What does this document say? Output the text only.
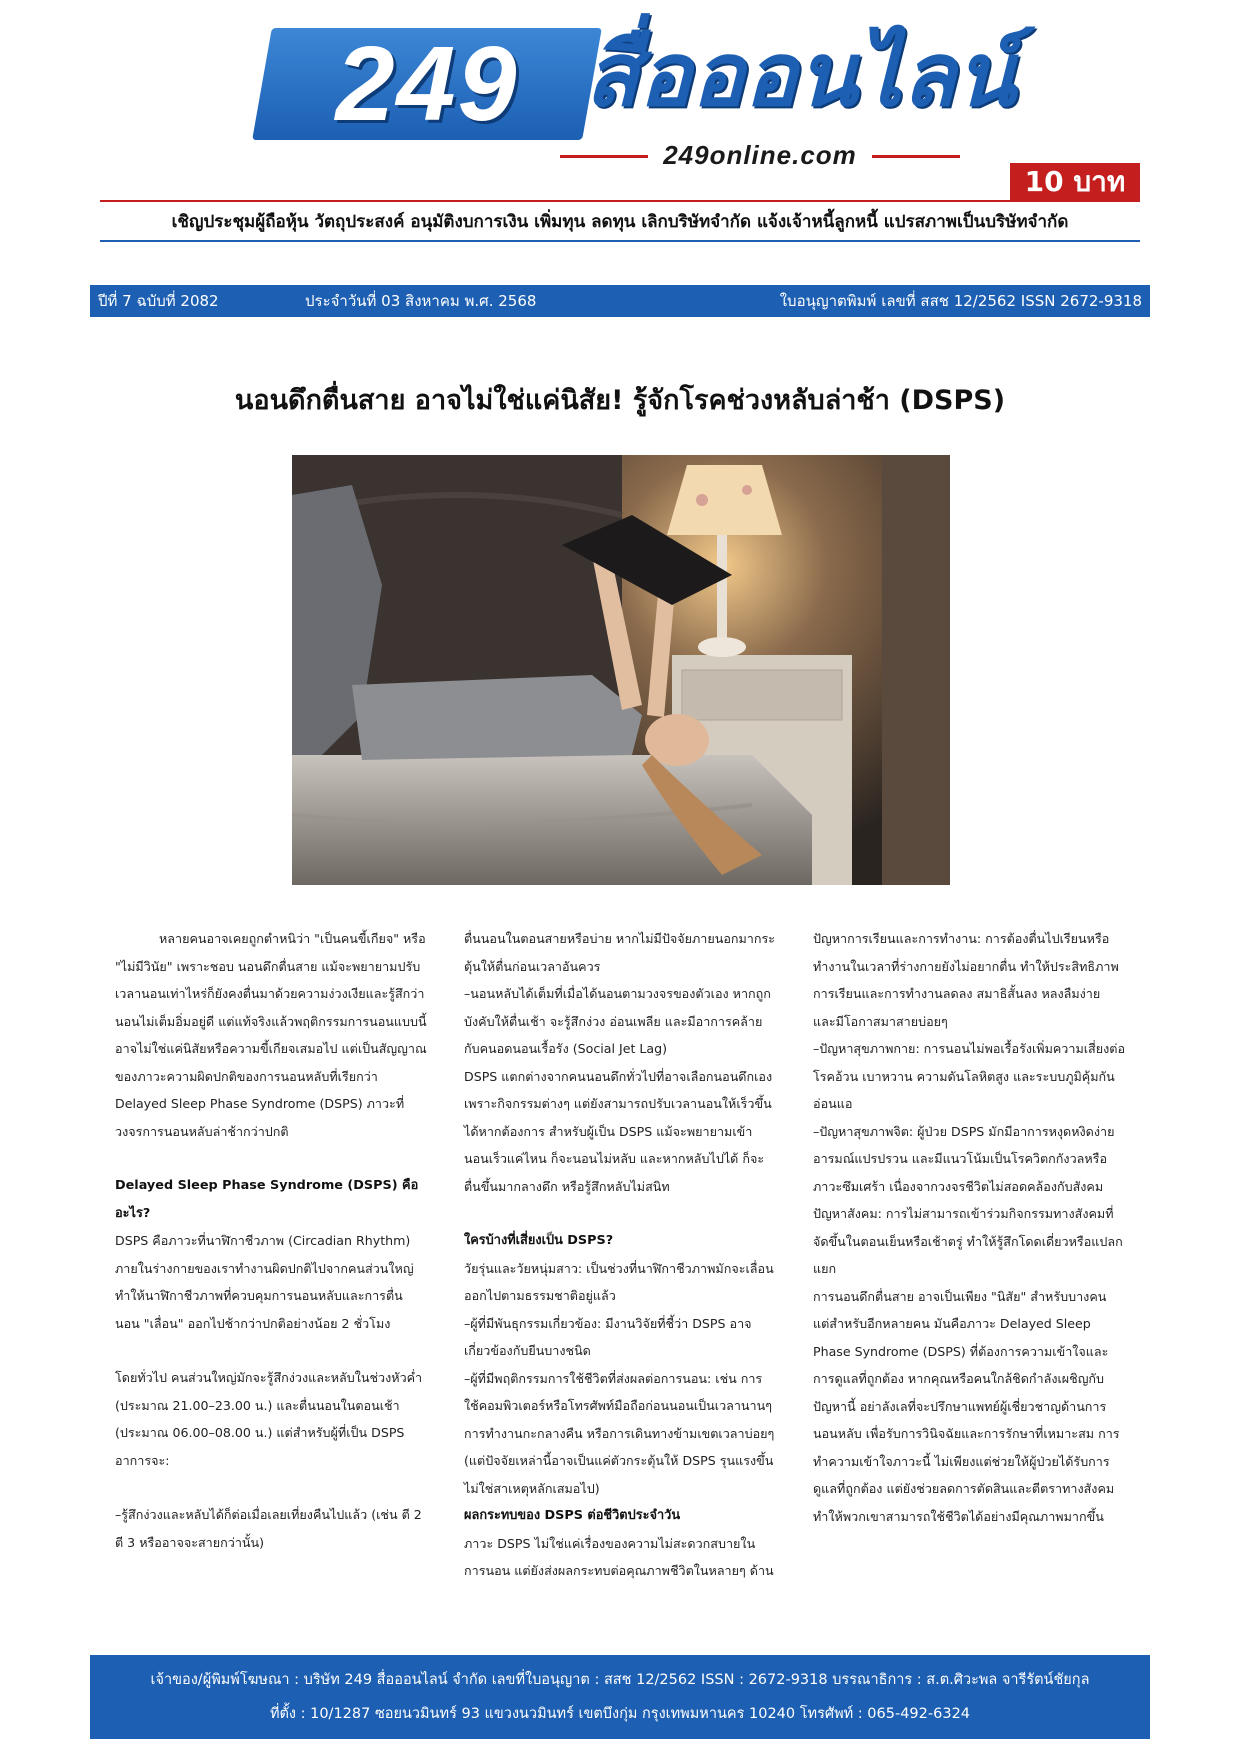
249 สื่อออนไลน์
249online.com
10 บาท
เชิญประชุมผู้ถือหุ้น วัตถุประสงค์ อนุมัติงบการเงิน เพิ่มทุน ลดทุน เลิกบริษัทจำกัด แจ้งเจ้าหนี้ลูกหนี้ แปรสภาพเป็นบริษัทจำกัด
ปีที่ 7 ฉบับที่ 2082	ประจำวันที่ 03 สิงหาคม พ.ศ. 2568	ใบอนุญาตพิมพ์ เลขที่ สสช 12/2562 ISSN 2672-9318
นอนดึกตื่นสาย อาจไม่ใช่แค่นิสัย! รู้จักโรคช่วงหลับล่าช้า (DSPS)

หลายคนอาจเคยถูกตำหนิว่า "เป็นคนขี้เกียจ" หรือ "ไม่มีวินัย" เพราะชอบ นอนดึกตื่นสาย แม้จะพยายามปรับเวลานอนเท่าไหร่ก็ยังคงตื่นมาด้วยความง่วงเงียและรู้สึกว่านอนไม่เต็มอิ่มอยู่ดี แต่แท้จริงแล้วพฤติกรรมการนอนแบบนี้ อาจไม่ใช่แค่นิสัยหรือความขี้เกียจเสมอไป แต่เป็นสัญญาณของภาวะความผิดปกติของการนอนหลับที่เรียกว่า Delayed Sleep Phase Syndrome (DSPS) ภาวะที่วงจรการนอนหลับล่าช้ากว่าปกติ

Delayed Sleep Phase Syndrome (DSPS) คืออะไร?

DSPS คือภาวะที่นาฬิกาชีวภาพ (Circadian Rhythm) ภายในร่างกายของเราทำงานผิดปกติไปจากคนส่วนใหญ่ ทำให้นาฬิกาชีวภาพที่ควบคุมการนอนหลับและการตื่นนอน "เลื่อน" ออกไปช้ากว่าปกติอย่างน้อย 2 ชั่วโมง

โดยทั่วไป คนส่วนใหญ่มักจะรู้สึกง่วงและหลับในช่วงหัวค่ำ (ประมาณ 21.00–23.00 น.) และตื่นนอนในตอนเช้า (ประมาณ 06.00–08.00 น.) แต่สำหรับผู้ที่เป็น DSPS อาการจะ:

–รู้สึกง่วงและหลับได้ก็ต่อเมื่อเลยเที่ยงคืนไปแล้ว (เช่น ตี 2 ตี 3 หรืออาจจะสายกว่านั้น)

ตื่นนอนในตอนสายหรือบ่าย หากไม่มีปัจจัยภายนอกมากระตุ้นให้ตื่นก่อนเวลาอันควร

–นอนหลับได้เต็มที่เมื่อได้นอนตามวงจรของตัวเอง หากถูกบังคับให้ตื่นเช้า จะรู้สึกง่วง อ่อนเพลีย และมีอาการคล้ายกับคนอดนอนเรื้อรัง (Social Jet Lag)

DSPS แตกต่างจากคนนอนดึกทั่วไปที่อาจเลือกนอนดึกเองเพราะกิจกรรมต่างๆ แต่ยังสามารถปรับเวลานอนให้เร็วขึ้นได้หากต้องการ สำหรับผู้เป็น DSPS แม้จะพยายามเข้านอนเร็วแค่ไหน ก็จะนอนไม่หลับ และหากหลับไปได้ ก็จะตื่นขึ้นมากลางดึก หรือรู้สึกหลับไม่สนิท

ใครบ้างที่เสี่ยงเป็น DSPS?

วัยรุ่นและวัยหนุ่มสาว: เป็นช่วงที่นาฬิกาชีวภาพมักจะเลื่อนออกไปตามธรรมชาติอยู่แล้ว

–ผู้ที่มีพันธุกรรมเกี่ยวข้อง: มีงานวิจัยที่ชี้ว่า DSPS อาจเกี่ยวข้องกับยีนบางชนิด

–ผู้ที่มีพฤติกรรมการใช้ชีวิตที่ส่งผลต่อการนอน: เช่น การใช้คอมพิวเตอร์หรือโทรศัพท์มือถือก่อนนอนเป็นเวลานานๆ การทำงานกะกลางคืน หรือการเดินทางข้ามเขตเวลาบ่อยๆ (แต่ปัจจัยเหล่านี้อาจเป็นแค่ตัวกระตุ้นให้ DSPS รุนแรงขึ้น ไม่ใช่สาเหตุหลักเสมอไป)

ผลกระทบของ DSPS ต่อชีวิตประจำวัน

ภาวะ DSPS ไม่ใช่แค่เรื่องของความไม่สะดวกสบายในการนอน แต่ยังส่งผลกระทบต่อคุณภาพชีวิตในหลายๆ ด้าน

ปัญหาการเรียนและการทำงาน: การต้องตื่นไปเรียนหรือทำงานในเวลาที่ร่างกายยังไม่อยากตื่น ทำให้ประสิทธิภาพการเรียนและการทำงานลดลง สมาธิสั้นลง หลงลืมง่าย และมีโอกาสมาสายบ่อยๆ

–ปัญหาสุขภาพกาย: การนอนไม่พอเรื้อรังเพิ่มความเสี่ยงต่อโรคอ้วน เบาหวาน ความดันโลหิตสูง และระบบภูมิคุ้มกันอ่อนแอ

–ปัญหาสุขภาพจิต: ผู้ป่วย DSPS มักมีอาการหงุดหงิดง่าย อารมณ์แปรปรวน และมีแนวโน้มเป็นโรควิตกกังวลหรือภาวะซึมเศร้า เนื่องจากวงจรชีวิตไม่สอดคล้องกับสังคม

ปัญหาสังคม: การไม่สามารถเข้าร่วมกิจกรรมทางสังคมที่จัดขึ้นในตอนเย็นหรือเช้าตรู่ ทำให้รู้สึกโดดเดี่ยวหรือแปลกแยก

การนอนดึกตื่นสาย อาจเป็นเพียง "นิสัย" สำหรับบางคน แต่สำหรับอีกหลายคน มันคือภาวะ Delayed Sleep Phase Syndrome (DSPS) ที่ต้องการความเข้าใจและการดูแลที่ถูกต้อง หากคุณหรือคนใกล้ชิดกำลังเผชิญกับปัญหานี้ อย่าลังเลที่จะปรึกษาแพทย์ผู้เชี่ยวชาญด้านการนอนหลับ เพื่อรับการวินิจฉัยและการรักษาที่เหมาะสม การทำความเข้าใจภาวะนี้ ไม่เพียงแต่ช่วยให้ผู้ป่วยได้รับการดูแลที่ถูกต้อง แต่ยังช่วยลดการตัดสินและตีตราทางสังคม ทำให้พวกเขาสามารถใช้ชีวิตได้อย่างมีคุณภาพมากขึ้น

เจ้าของ/ผู้พิมพ์โฆษณา : บริษัท 249 สื่อออนไลน์ จำกัด เลขที่ใบอนุญาต : สสช 12/2562 ISSN : 2672-9318 บรรณาธิการ : ส.ต.ศิวะพล จารีรัตน์ชัยกุล
ที่ตั้ง : 10/1287 ซอยนวมินทร์ 93 แขวงนวมินทร์ เขตบึงกุ่ม กรุงเทพมหานคร 10240 โทรศัพท์ : 065-492-6324
